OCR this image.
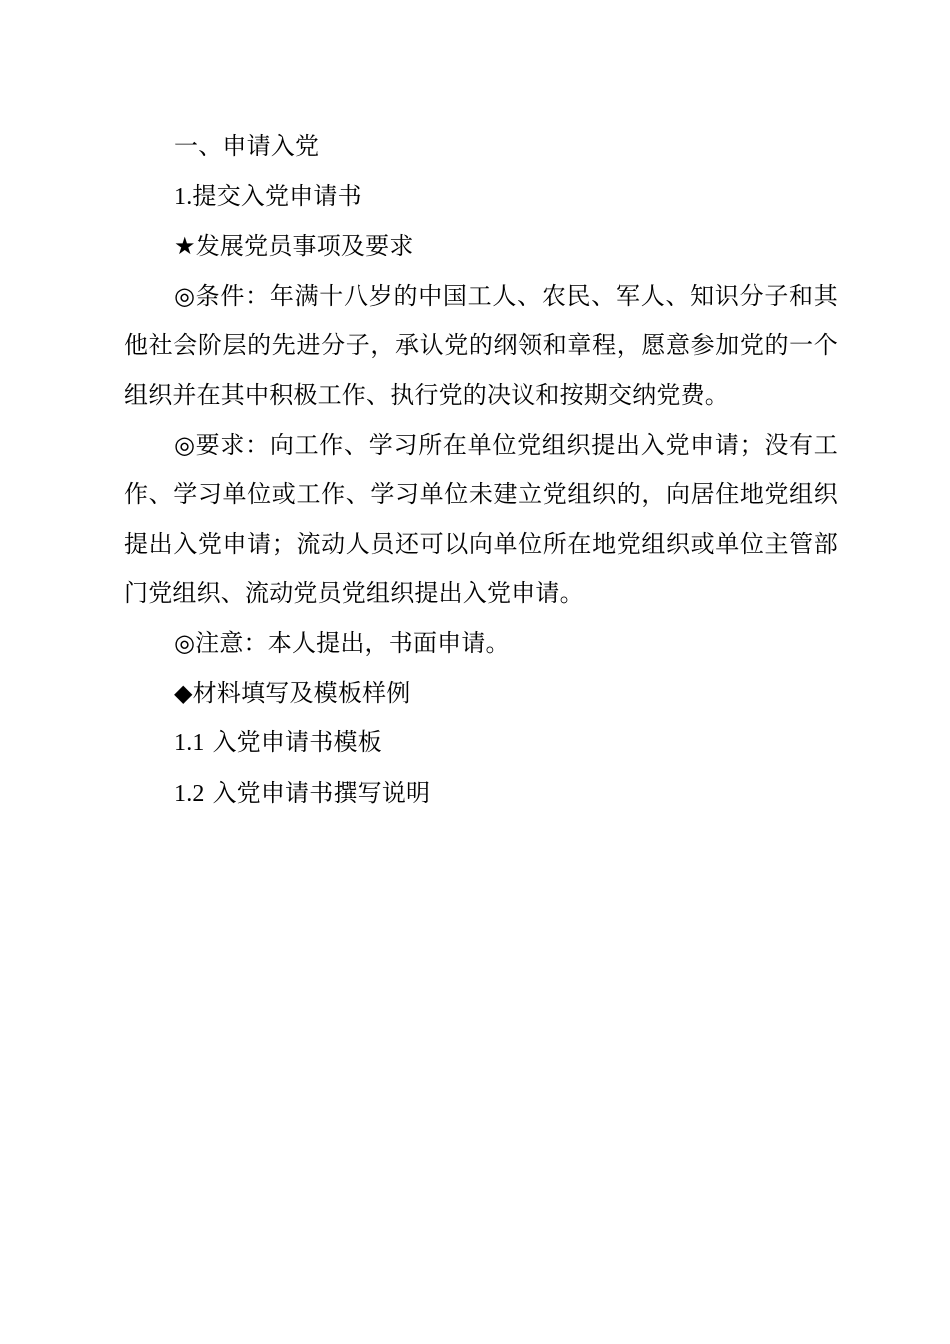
一、申请入党

1.提交入党申请书

★发展党员事项及要求

◎条件：年满十八岁的中国工人、农民、军人、知识分子和其他社会阶层的先进分子，承认党的纲领和章程，愿意参加党的一个组织并在其中积极工作、执行党的决议和按期交纳党费。

◎要求：向工作、学习所在单位党组织提出入党申请；没有工作、学习单位或工作、学习单位未建立党组织的，向居住地党组织提出入党申请；流动人员还可以向单位所在地党组织或单位主管部门党组织、流动党员党组织提出入党申请。

◎注意：本人提出，书面申请。

◆材料填写及模板样例

1.1 入党申请书模板

1.2 入党申请书撰写说明
